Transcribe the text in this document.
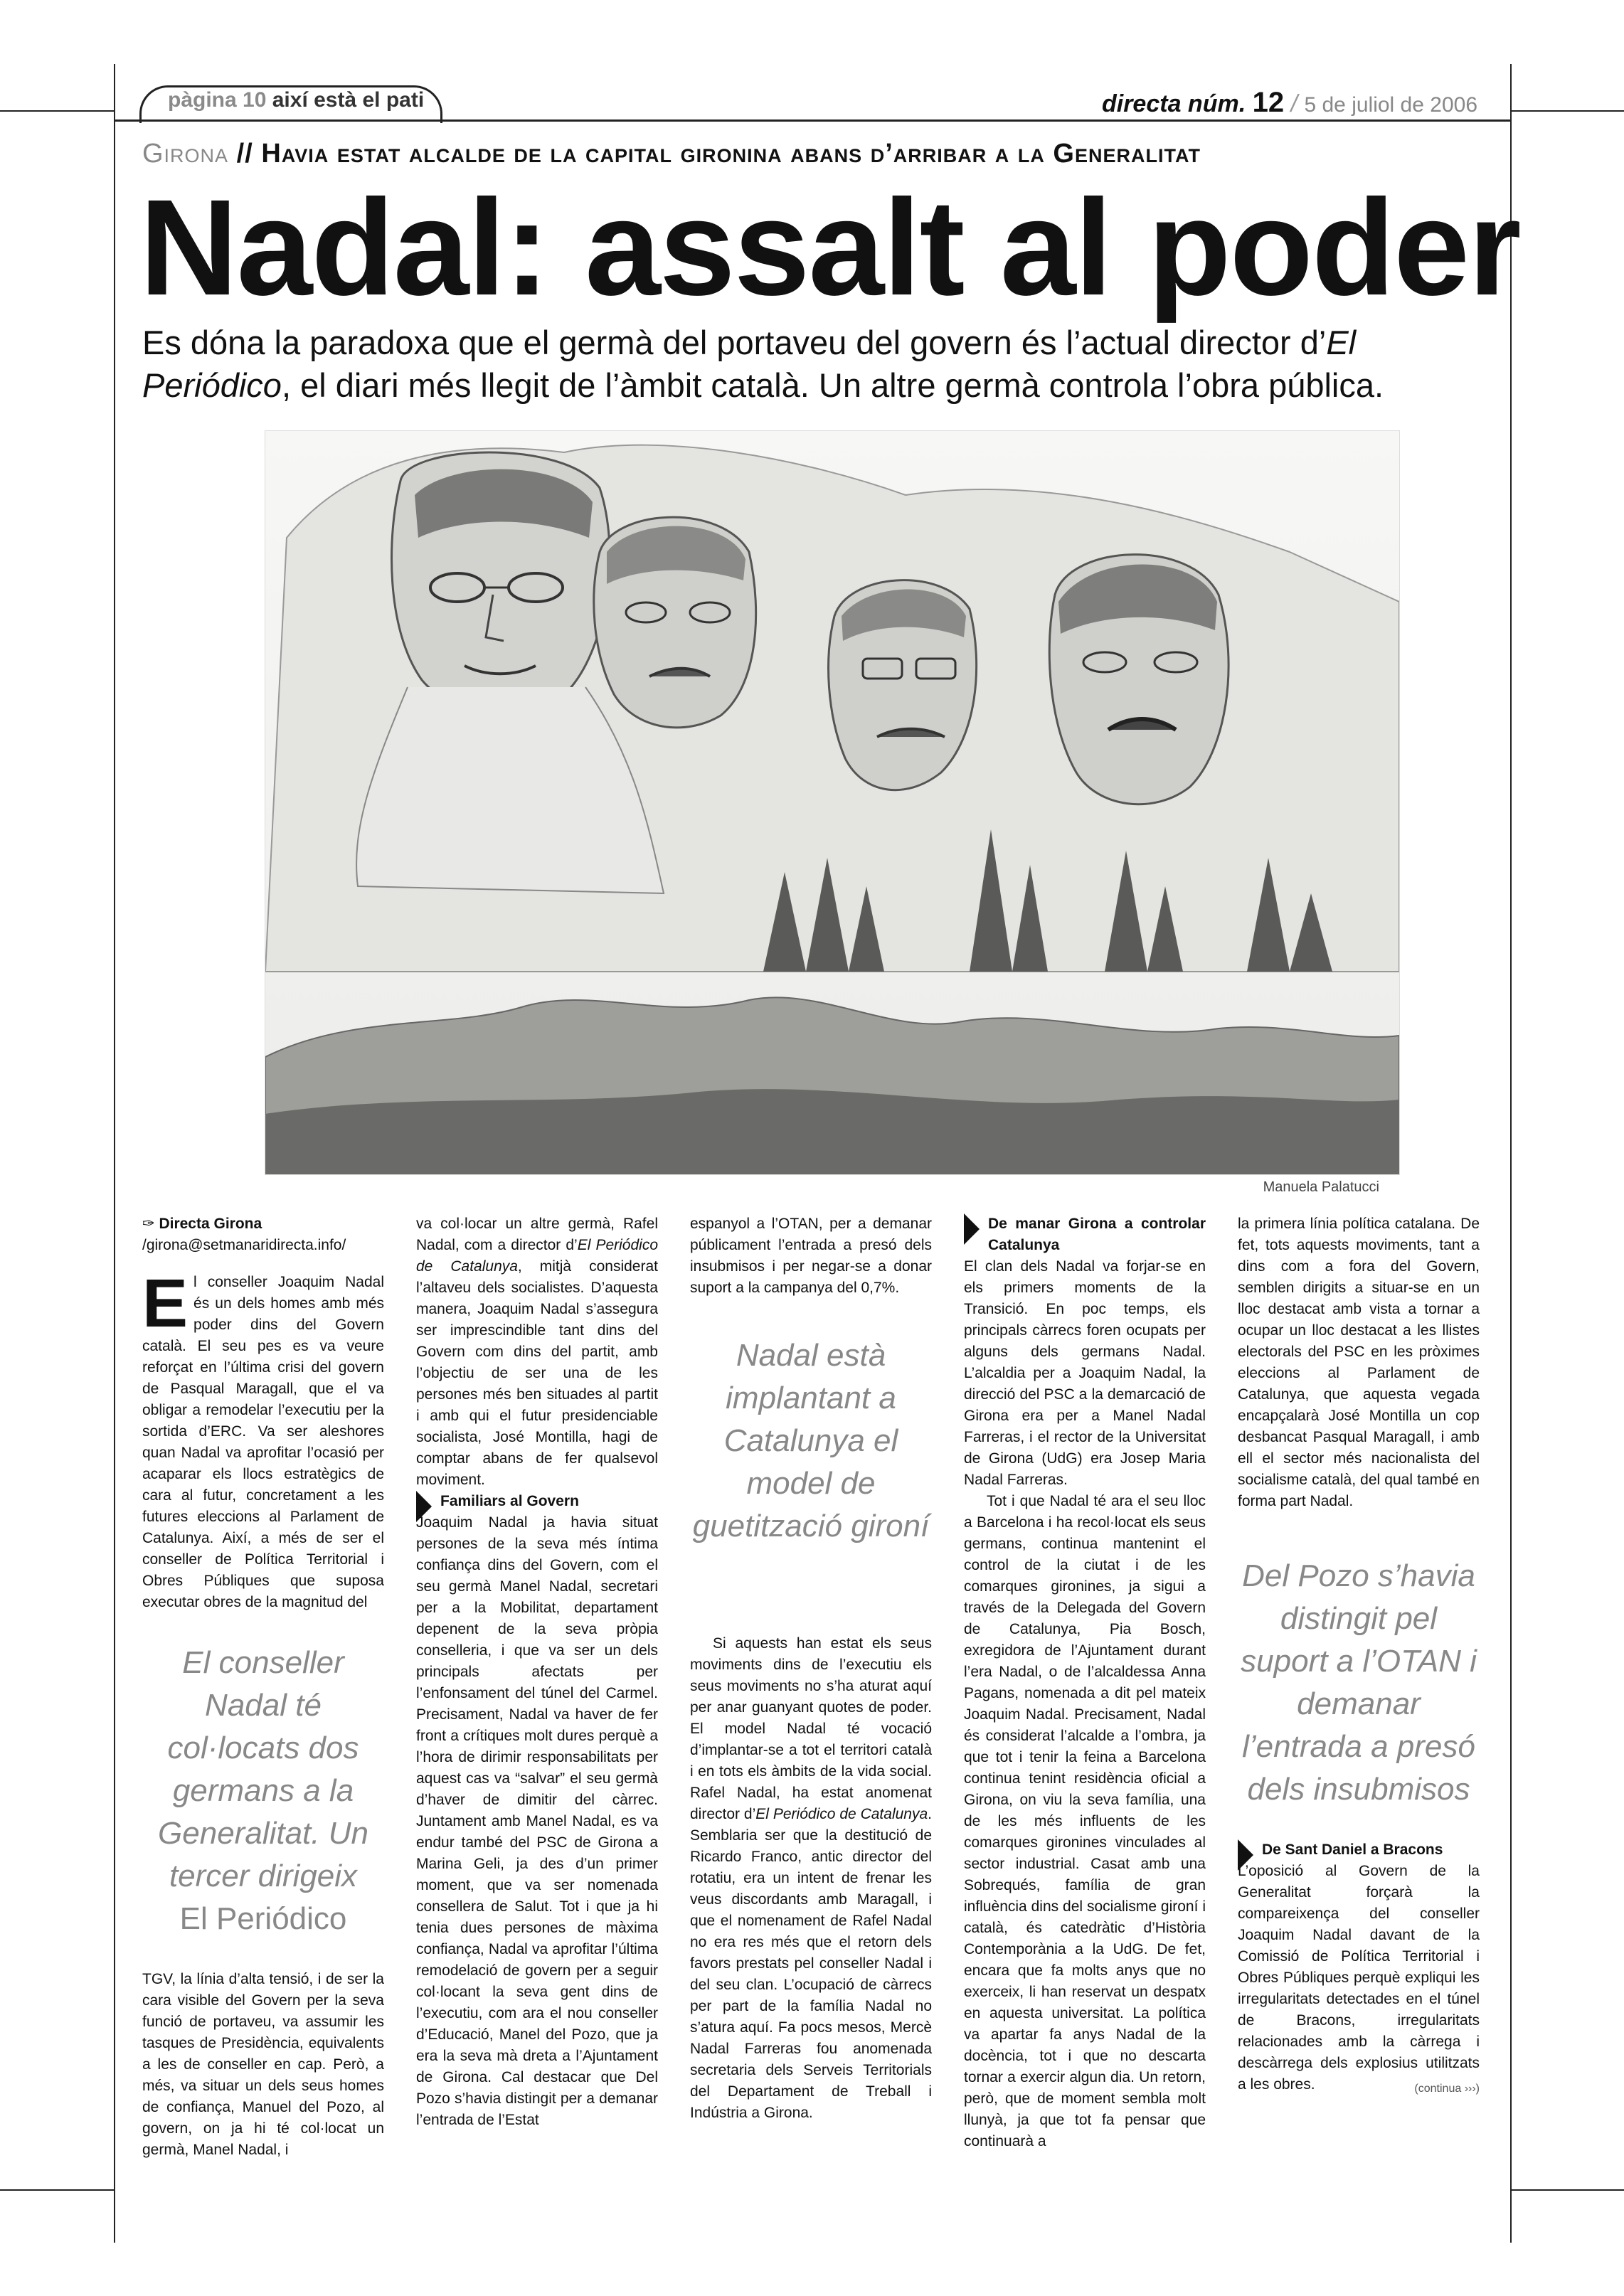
pàgina 10 així està el pati	directa núm. 12 / 5 de juliol de 2006
Girona // Havia estat alcalde de la capital gironina abans d’arribar a la Generalitat
Nadal: assalt al poder
Es dóna la paradoxa que el germà del portaveu del govern és l’actual director d’El Periódico, el diari més llegit de l’àmbit català. Un altre germà controla l’obra pública.
Manuela Palatucci

✑ Directa Girona

/girona@setmanaridirecta.info/

El conseller Joaquim Nadal és un dels homes amb més poder dins del Govern català. El seu pes es va veure reforçat en l’última crisi del govern de Pasqual Maragall, que el va obligar a remodelar l’executiu per la sortida d’ERC. Va ser aleshores quan Nadal va aprofitar l’ocasió per acaparar els llocs estratègics de cara al futur, concretament a les futures eleccions al Parlament de Catalunya. Així, a més de ser el conseller de Política Territorial i Obres Públiques que suposa executar obres de la magnitud del

El conseller Nadal té col·locats dos germans a la Generalitat. Un tercer dirigeix
El Periódico

TGV, la línia d’alta tensió, i de ser la cara visible del Govern per la seva funció de portaveu, va assumir les tasques de Presidència, equivalents a les de conseller en cap. Però, a més, va situar un dels seus homes de confiança, Manuel del Pozo, al govern, on ja hi té col·locat un germà, Manel Nadal, i

va col·locar un altre germà, Rafel Nadal, com a director d’El Periódico de Catalunya, mitjà considerat l’altaveu dels socialistes. D’aquesta manera, Joaquim Nadal s’assegura ser imprescindible tant dins del Govern com dins del partit, amb l’objectiu de ser una de les persones més ben situades al partit i amb qui el futur presidenciable socialista, José Montilla, hagi de comptar abans de fer qualsevol moviment.

Familiars al Govern

Joaquim Nadal ja havia situat persones de la seva més íntima confiança dins del Govern, com el seu germà Manel Nadal, secretari per a la Mobilitat, departament depenent de la seva pròpia conselleria, i que va ser un dels principals afectats per l’enfonsament del túnel del Carmel. Precisament, Nadal va haver de fer front a crítiques molt dures perquè a l’hora de dirimir responsabilitats per aquest cas va “salvar” el seu germà d’haver de dimitir del càrrec. Juntament amb Manel Nadal, es va endur també del PSC de Girona a Marina Geli, ja des d’un primer moment, que va ser nomenada consellera de Salut. Tot i que ja hi tenia dues persones de màxima confiança, Nadal va aprofitar l’última remodelació de govern per a seguir col·locant la seva gent dins de l’executiu, com ara el nou conseller d’Educació, Manel del Pozo, que ja era la seva mà dreta a l’Ajuntament de Girona. Cal destacar que Del Pozo s’havia distingit per a demanar l’entrada de l’Estat

espanyol a l’OTAN, per a demanar públicament l’entrada a presó dels insubmisos i per negar-se a donar suport a la campanya del 0,7%.

Nadal està implantant a Catalunya el model de guetització gironí

Si aquests han estat els seus moviments dins de l’executiu els seus moviments no s’ha aturat aquí per anar guanyant quotes de poder. El model Nadal té vocació d’implantar-se a tot el territori català i en tots els àmbits de la vida social. Rafel Nadal, ha estat anomenat director d’El Periódico de Catalunya. Semblaria ser que la destitució de Ricardo Franco, antic director del rotatiu, era un intent de frenar les veus discordants amb Maragall, i que el nomenament de Rafel Nadal no era res més que el retorn dels favors prestats pel conseller Nadal i del seu clan. L’ocupació de càrrecs per part de la família Nadal no s’atura aquí. Fa pocs mesos, Mercè Nadal Farreras fou anomenada secretaria dels Serveis Territorials del Departament de Treball i Indústria a Girona.

De manar Girona a controlar Catalunya

El clan dels Nadal va forjar-se en els primers moments de la Transició. En poc temps, els principals càrrecs foren ocupats per alguns dels germans Nadal. L’alcaldia per a Joaquim Nadal, la direcció del PSC a la demarcació de Girona era per a Manel Nadal Farreras, i el rector de la Universitat de Girona (UdG) era Josep Maria Nadal Farreras.

Tot i que Nadal té ara el seu lloc a Barcelona i ha recol·locat els seus germans, continua mantenint el control de la ciutat i de les comarques gironines, ja sigui a través de la Delegada del Govern de Catalunya, Pia Bosch, exregidora de l’Ajuntament durant l’era Nadal, o de l’alcaldessa Anna Pagans, nomenada a dit pel mateix Joaquim Nadal. Precisament, Nadal és considerat l’alcalde a l’ombra, ja que tot i tenir la feina a Barcelona continua tenint residència oficial a Girona, on viu la seva família, una de les més influents de les comarques gironines vinculades al sector industrial. Casat amb una Sobrequés, família de gran influència dins del socialisme gironí i català, és catedràtic d’Història Contemporània a la UdG. De fet, encara que fa molts anys que no exerceix, li han reservat un despatx en aquesta universitat. La política va apartar fa anys Nadal de la docència, tot i que no descarta tornar a exercir algun dia. Un retorn, però, que de moment sembla molt llunyà, ja que tot fa pensar que continuarà a

la primera línia política catalana. De fet, tots aquests moviments, tant a dins com a fora del Govern, semblen dirigits a situar-se en un lloc destacat amb vista a tornar a ocupar un lloc destacat a les llistes electorals del PSC en les pròximes eleccions al Parlament de Catalunya, que aquesta vegada encapçalarà José Montilla un cop desbancat Pasqual Maragall, i amb ell el sector més nacionalista del socialisme català, del qual també en forma part Nadal.

Del Pozo s’havia distingit pel suport a l’OTAN i demanar l’entrada a presó dels insubmisos

De Sant Daniel a Bracons

L’oposició al Govern de la Generalitat forçarà la compareixença del conseller Joaquim Nadal davant de la Comissió de Política Territorial i Obres Públiques perquè expliqui les irregularitats detectades en el túnel de Bracons, irregularitats relacionades amb la càrrega i descàrrega dels explosius utilitzats a les obres.	(continua ›››)
